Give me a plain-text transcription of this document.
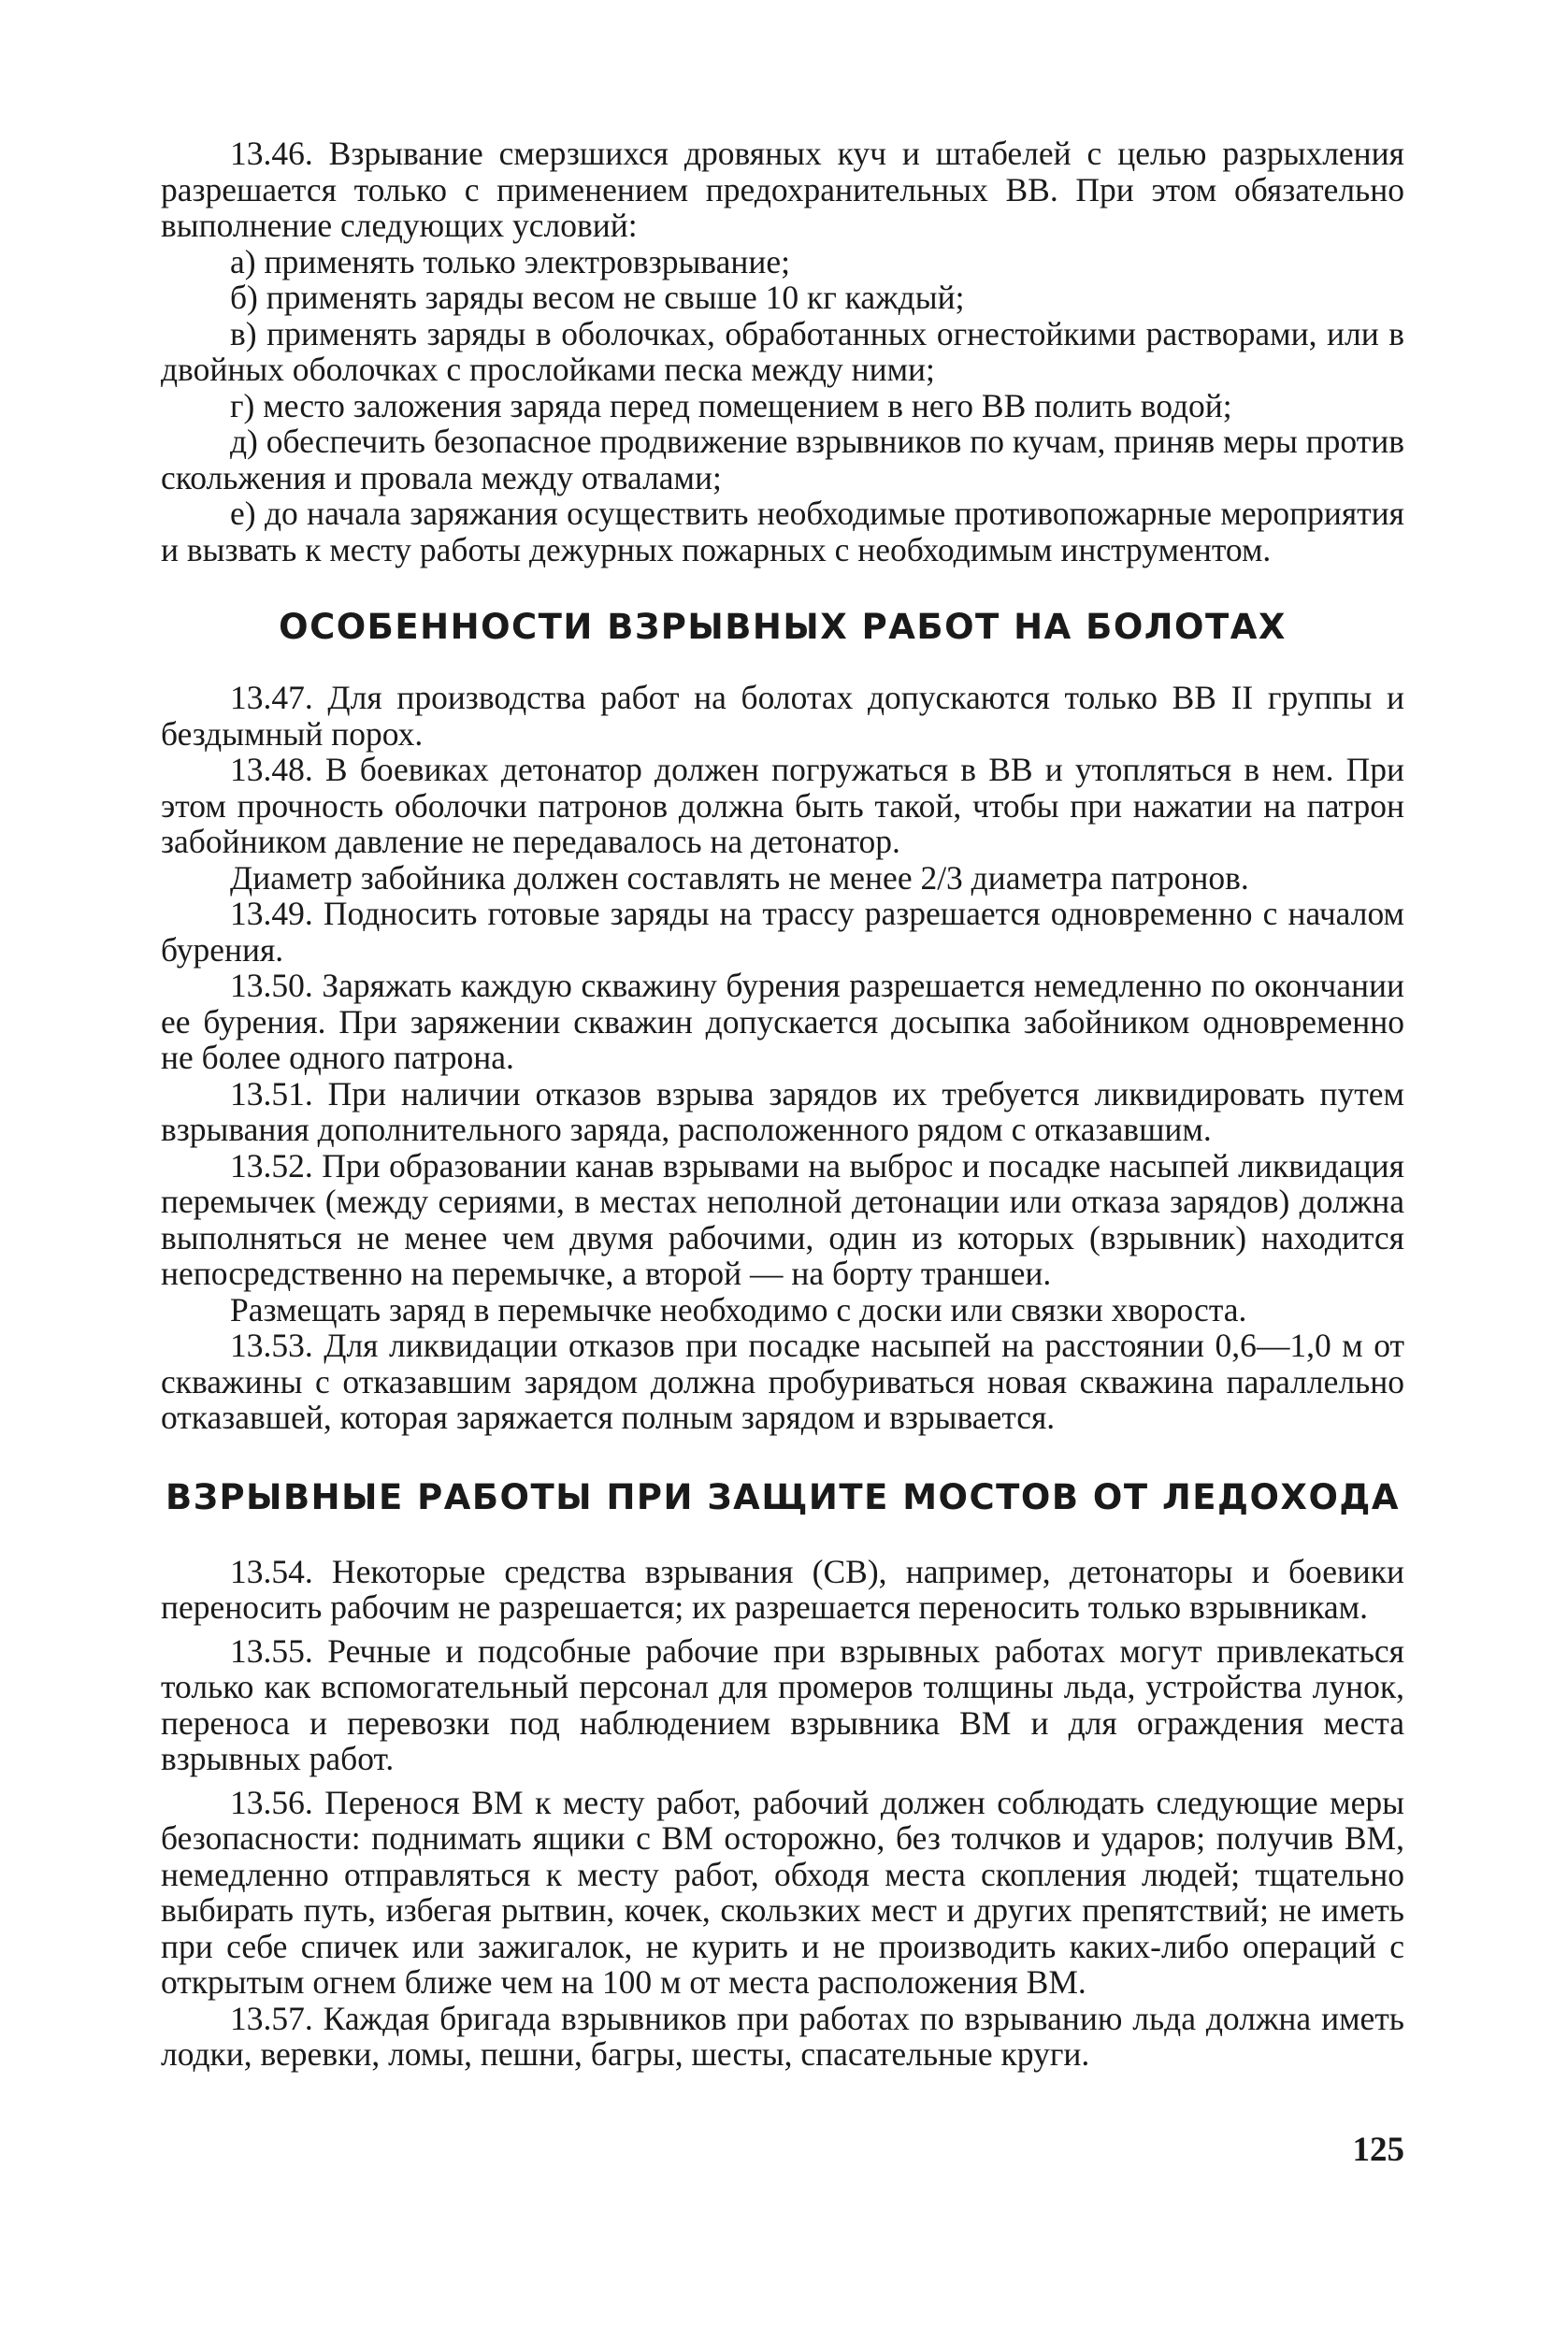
13.46. Взрывание смерзшихся дровяных куч и штабелей с целью разрыхления разрешается только с применением предохранительных ВВ. При этом обязательно выполнение следующих условий:

а) применять только электровзрывание;

б) применять заряды весом не свыше 10 кг каждый;

в) применять заряды в оболочках, обработанных огнестойкими растворами, или в двойных оболочках с прослойками песка между ними;

г) место заложения заряда перед помещением в него ВВ полить водой;

д) обеспечить безопасное продвижение взрывников по кучам, приняв меры против скольжения и провала между отвалами;

е) до начала заряжания осуществить необходимые противопожарные мероприятия и вызвать к месту работы дежурных пожарных с необходимым инструментом.

ОСОБЕННОСТИ ВЗРЫВНЫХ РАБОТ НА БОЛОТАХ

13.47. Для производства работ на болотах допускаются только ВВ II группы и бездымный порох.

13.48. В боевиках детонатор должен погружаться в ВВ и утопляться в нем. При этом прочность оболочки патронов должна быть такой, чтобы при нажатии на патрон забойником давление не передавалось на детонатор.

Диаметр забойника должен составлять не менее 2/3 диаметра патронов.

13.49. Подносить готовые заряды на трассу разрешается одновременно с началом бурения.

13.50. Заряжать каждую скважину бурения разрешается немедленно по окончании ее бурения. При заряжении скважин допускается досыпка забойником одновременно не более одного патрона.

13.51. При наличии отказов взрыва зарядов их требуется ликвидировать путем взрывания дополнительного заряда, расположенного рядом с отказавшим.

13.52. При образовании канав взрывами на выброс и посадке насыпей ликвидация перемычек (между сериями, в местах неполной детонации или отказа зарядов) должна выполняться не менее чем двумя рабочими, один из которых (взрывник) находится непосредственно на перемычке, а второй — на борту траншеи.

Размещать заряд в перемычке необходимо с доски или связки хвороста.

13.53. Для ликвидации отказов при посадке насыпей на расстоянии 0,6—1,0 м от скважины с отказавшим зарядом должна пробуриваться новая скважина параллельно отказавшей, которая заряжается полным зарядом и взрывается.

ВЗРЫВНЫЕ РАБОТЫ ПРИ ЗАЩИТЕ МОСТОВ ОТ ЛЕДОХОДА

13.54. Некоторые средства взрывания (СВ), например, детонаторы и боевики переносить рабочим не разрешается; их разрешается переносить только взрывникам.

13.55. Речные и подсобные рабочие при взрывных работах могут привлекаться только как вспомогательный персонал для промеров толщины льда, устройства лунок, переноса и перевозки под наблюдением взрывника ВМ и для ограждения места взрывных работ.

13.56. Перенося ВМ к месту работ, рабочий должен соблюдать следующие меры безопасности: поднимать ящики с ВМ осторожно, без толчков и ударов; получив ВМ, немедленно отправляться к месту работ, обходя места скопления людей; тщательно выбирать путь, избегая рытвин, кочек, скользких мест и других препятствий; не иметь при себе спичек или зажигалок, не курить и не производить каких-либо операций с открытым огнем ближе чем на 100 м от места расположения ВМ.

13.57. Каждая бригада взрывников при работах по взрыванию льда должна иметь лодки, веревки, ломы, пешни, багры, шесты, спасательные круги.

125
